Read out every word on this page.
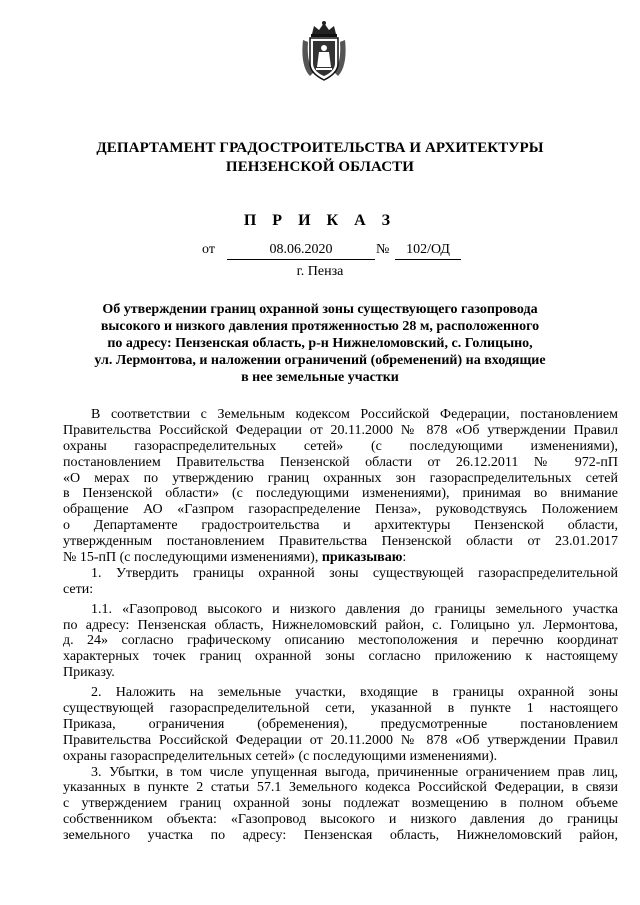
ДЕПАРТАМЕНТ ГРАДОСТРОИТЕЛЬСТВА И АРХИТЕКТУРЫ
ПЕНЗЕНСКОЙ ОБЛАСТИ
П Р И К А З
от	08.06.2020	№	102/ОД
г. Пенза
Об утверждении границ охранной зоны существующего газопровода
высокого и низкого давления протяженностью 28 м, расположенного
по адресу: Пензенская область, р-н Нижнеломовский, с. Голицыно,
ул. Лермонтова, и наложении ограничений (обременений) на входящие
в нее земельные участки
В соответствии с Земельным кодексом Российской Федерации, постановлением
Правительства Российской Федерации от 20.11.2000 № 878 «Об утверждении Правил
охраны газораспределительных сетей» (с последующими изменениями),
постановлением Правительства Пензенской области от 26.12.2011 № 972-пП
«О мерах по утверждению границ охранных зон газораспределительных сетей
в Пензенской области» (с последующими изменениями), принимая во внимание
обращение АО «Газпром газораспределение Пенза», руководствуясь Положением
о Департаменте градостроительства и архитектуры Пензенской области,
утвержденным постановлением Правительства Пензенской области от 23.01.2017
№ 15-пП (с последующими изменениями), приказываю:
1. Утвердить границы охранной зоны существующей газораспределительной
сети:
1.1. «Газопровод высокого и низкого давления до границы земельного участка
по адресу: Пензенская область, Нижнеломовский район, с. Голицыно ул. Лермонтова,
д. 24» согласно графическому описанию местоположения и перечню координат
характерных точек границ охранной зоны согласно приложению к настоящему
Приказу.
2. Наложить на земельные участки, входящие в границы охранной зоны
существующей газораспределительной сети, указанной в пункте 1 настоящего
Приказа, ограничения (обременения), предусмотренные постановлением
Правительства Российской Федерации от 20.11.2000 № 878 «Об утверждении Правил
охраны газораспределительных сетей» (с последующими изменениями).
3. Убытки, в том числе упущенная выгода, причиненные ограничением прав лиц,
указанных в пункте 2 статьи 57.1 Земельного кодекса Российской Федерации, в связи
с утверждением границ охранной зоны подлежат возмещению в полном объеме
собственником объекта: «Газопровод высокого и низкого давления до границы
земельного участка по адресу: Пензенская область, Нижнеломовский район,
